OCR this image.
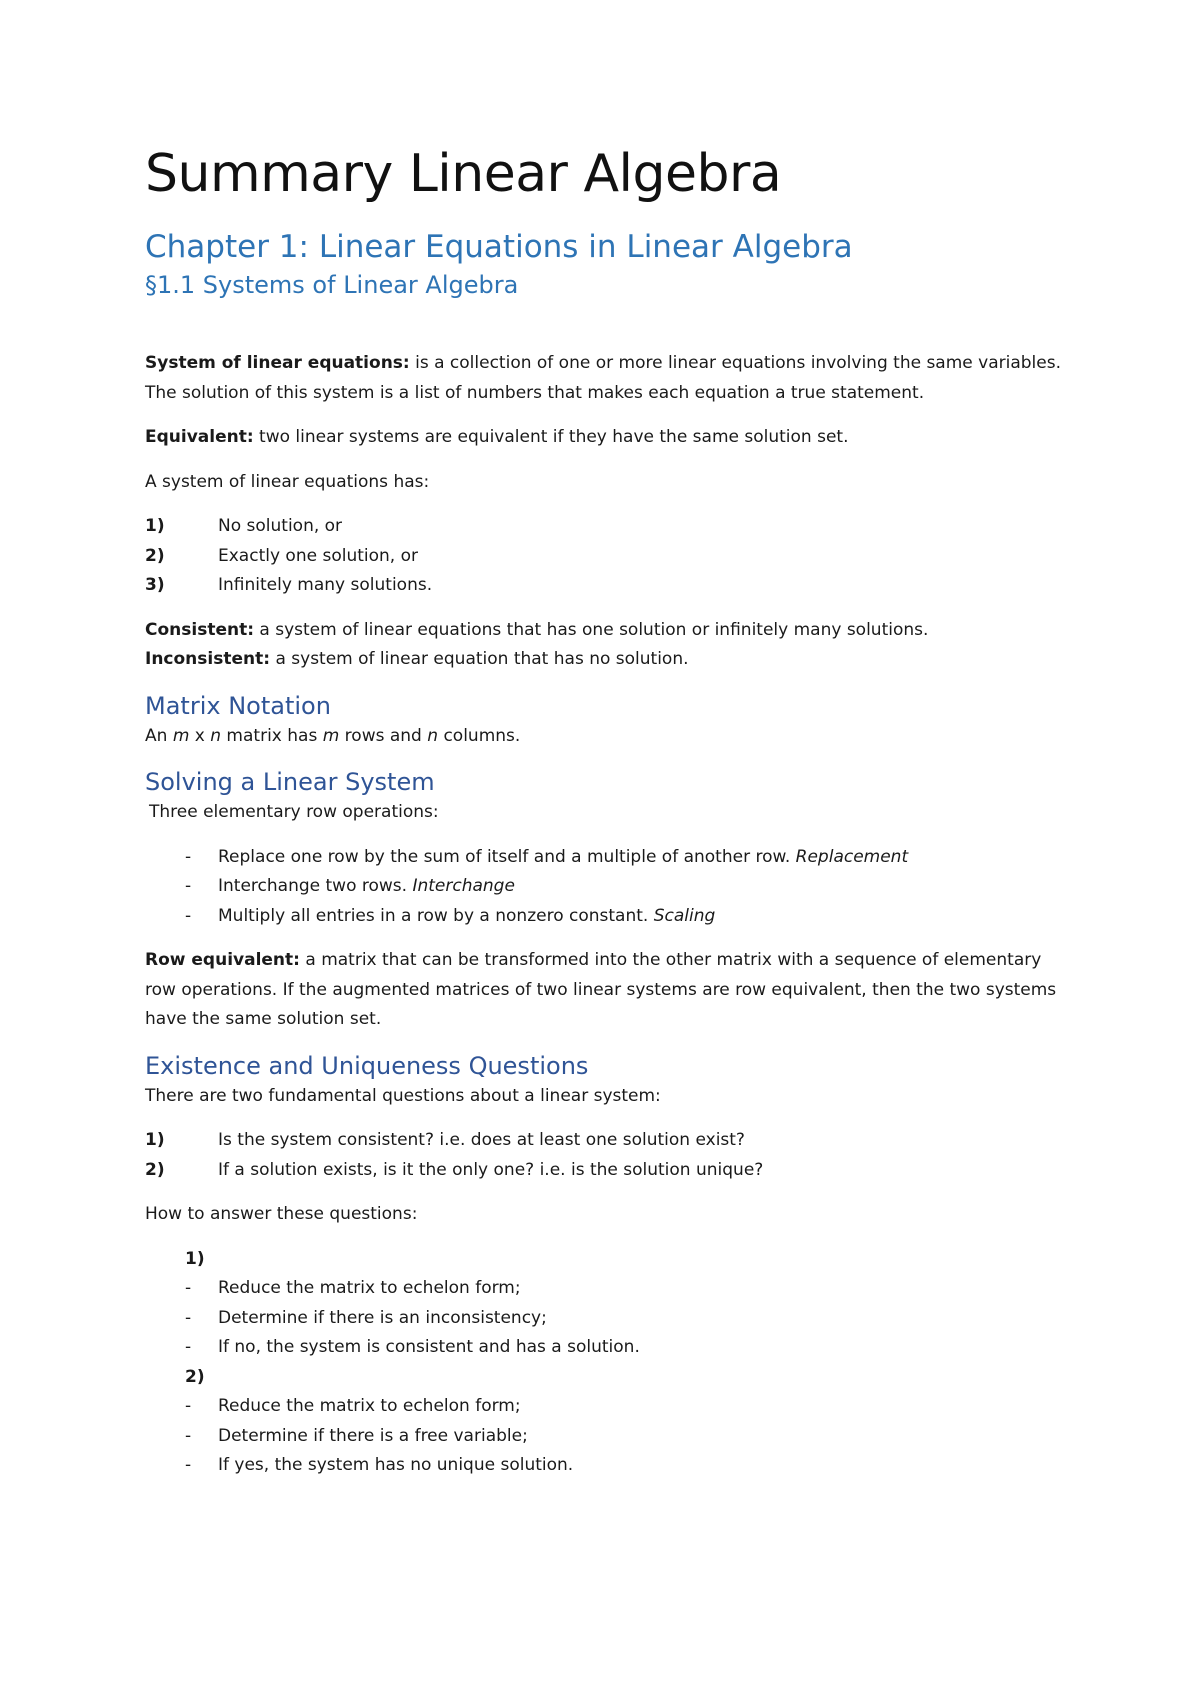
Summary Linear Algebra
Chapter 1: Linear Equations in Linear Algebra
§1.1 Systems of Linear Algebra

System of linear equations: is a collection of one or more linear equations involving the same variables. The solution of this system is a list of numbers that makes each equation a true statement.

Equivalent: two linear systems are equivalent if they have the same solution set.

A system of linear equations has:

1)	No solution, or
2)	Exactly one solution, or
3)	Infinitely many solutions.

Consistent: a system of linear equations that has one solution or infinitely many solutions.

Inconsistent: a system of linear equation that has no solution.

Matrix Notation

An m x n matrix has m rows and n columns.

Solving a Linear System

Three elementary row operations:

-	Replace one row by the sum of itself and a multiple of another row. Replacement
-	Interchange two rows. Interchange
-	Multiply all entries in a row by a nonzero constant. Scaling

Row equivalent: a matrix that can be transformed into the other matrix with a sequence of elementary row operations. If the augmented matrices of two linear systems are row equivalent, then the two systems have the same solution set.

Existence and Uniqueness Questions

There are two fundamental questions about a linear system:

1)	Is the system consistent? i.e. does at least one solution exist?
2)	If a solution exists, is it the only one? i.e. is the solution unique?

How to answer these questions:

1)
-	Reduce the matrix to echelon form;
-	Determine if there is an inconsistency;
-	If no, the system is consistent and has a solution.
2)
-	Reduce the matrix to echelon form;
-	Determine if there is a free variable;
-	If yes, the system has no unique solution.
